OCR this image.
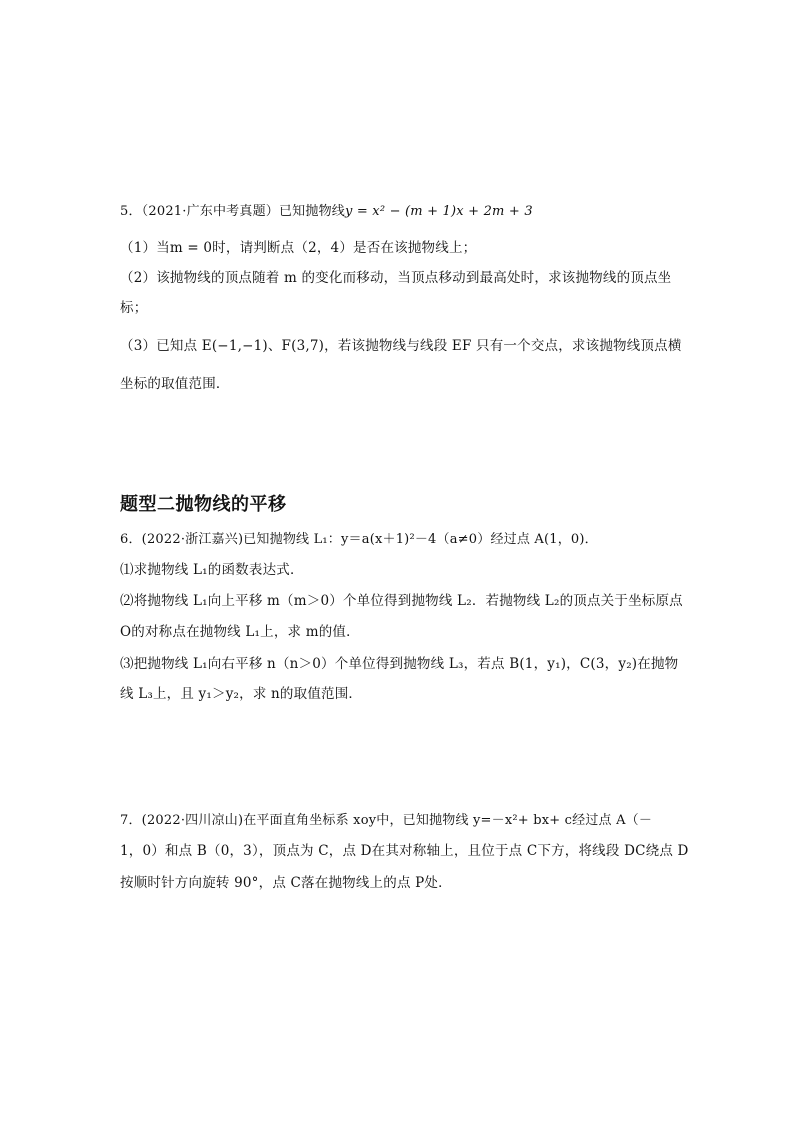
5．（2021·广东中考真题）已知抛物线y = x² − (m + 1)x + 2m + 3
（1）当m = 0时，请判断点（2，4）是否在该抛物线上；
（2）该抛物线的顶点随着 m 的变化而移动，当顶点移动到最高处时，求该抛物线的顶点坐
标；
（3）已知点 E(−1,−1)、F(3,7)，若该抛物线与线段 EF 只有一个交点，求该抛物线顶点横
坐标的取值范围．
题型二抛物线的平移
6．(2022·浙江嘉兴)已知抛物线 L₁：y＝a(x＋1)²－4（a≠0）经过点 A(1，0)．
⑴求抛物线 L₁的函数表达式．
⑵将抛物线 L₁向上平移 m（m＞0）个单位得到抛物线 L₂．若抛物线 L₂的顶点关于坐标原点
O的对称点在抛物线 L₁上，求 m的值．
⑶把抛物线 L₁向右平移 n（n＞0）个单位得到抛物线 L₃，若点 B(1，y₁)，C(3，y₂)在抛物
线 L₃上，且 y₁＞y₂，求 n的取值范围．
7．(2022·四川凉山)在平面直角坐标系 xoy中，已知抛物线 y=－x²+ bx+ c经过点 A（－
1，0）和点 B（0，3），顶点为 C，点 D在其对称轴上，且位于点 C下方，将线段 DC绕点 D
按顺时针方向旋转 90°，点 C落在抛物线上的点 P处．
